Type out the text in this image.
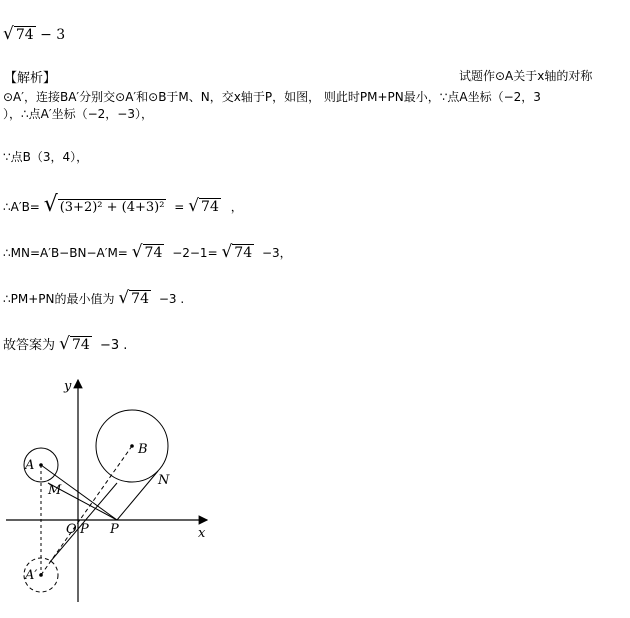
√ 74 − 3
【解析】	试题作⊙A关于x轴的对称
⊙A′，连接BA′分别交⊙A′和⊙B于M、N，交x轴于P，如图， 则此时PM+PN最小，∵点A坐标（−2，3
），∴点A′坐标（−2，−3），
∵点B（3，4），
∴A′B= √ (3+2)² + (4+3)² = √ 74 ，
∴MN=A′B−BN−A′M= √ 74 −2−1= √ 74 −3，
∴PM+PN的最小值为 √ 74 −3 .
故答案为 √ 74 −3 .
y
x
O P P
A
A′
B
M
N
